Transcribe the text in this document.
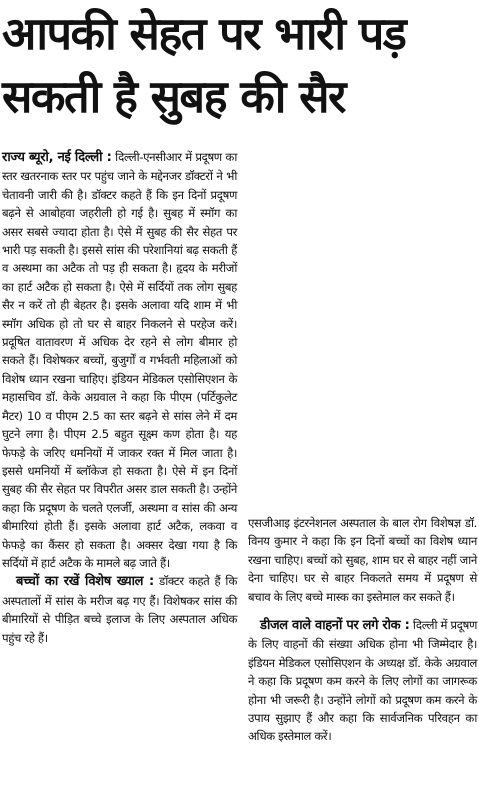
आपकी सेहत पर भारी पड़
सकती है सुबह की सैर

राज्य ब्यूरो, नई दिल्ली : दिल्ली-एनसीआर में प्रदूषण का स्तर खतरनाक स्तर पर पहुंच जाने के मद्देनजर डॉक्टरों ने भी चेतावनी जारी की है। डॉक्टर कहते हैं कि इन दिनों प्रदूषण बढ़ने से आबोहवा जहरीली हो गई है। सुबह में स्मॉग का असर सबसे ज्यादा होता है। ऐसे में सुबह की सैर सेहत पर भारी पड़ सकती है। इससे सांस की परेशानियां बढ़ सकती हैं व अस्थमा का अटैक तो पड़ ही सकता है। हृदय के मरीजों का हार्ट अटैक हो सकता है। ऐसे में सर्दियों तक लोग सुबह सैर न करें तो ही बेहतर है। इसके अलावा यदि शाम में भी स्मॉग अधिक हो तो घर से बाहर निकलने से परहेज करें। प्रदूषित वातावरण में अधिक देर रहने से लोग बीमार हो सकते हैं। विशेषकर बच्चों, बुजुर्गों व गर्भवती महिलाओं को विशेष ध्यान रखना चाहिए। इंडियन मेडिकल एसोसिएशन के महासचिव डॉ. केके अग्रवाल ने कहा कि पीएम (पर्टिकुलेट मैटर) 10 व पीएम 2.5 का स्तर बढ़ने से सांस लेने में दम घुटने लगा है। पीएम 2.5 बहुत सूक्ष्म कण होता है। यह फेफड़े के जरिए धमनियों में जाकर रक्त में मिल जाता है। इससे धमनियों में ब्लॉकेज हो सकता है। ऐसे में इन दिनों सुबह की सैर सेहत पर विपरीत असर डाल सकती है। उन्होंने कहा कि प्रदूषण के चलते एलर्जी, अस्थमा व सांस की अन्य बीमारियां होती हैं। इसके अलावा हार्ट अटैक, लकवा व फेफड़े का कैंसर हो सकता है। अक्सर देखा गया है कि सर्दियों में हार्ट अटैक के मामले बढ़ जाते हैं।

बच्चों का रखें विशेष ख्याल : डॉक्टर कहते हैं कि अस्पतालों में सांस के मरीज बढ़ गए हैं। विशेषकर सांस की बीमारियों से पीड़ित बच्चे इलाज के लिए अस्पताल अधिक पहुंच रहे हैं।

एसजीआइ इंटरनेशनल अस्पताल के बाल रोग विशेषज्ञ डॉ. विनय कुमार ने कहा कि इन दिनों बच्चों का विशेष ध्यान रखना चाहिए। बच्चों को सुबह, शाम घर से बाहर नहीं जाने देना चाहिए। घर से बाहर निकलते समय में प्रदूषण से बचाव के लिए बच्चे मास्क का इस्तेमाल कर सकते हैं।

डीजल वाले वाहनों पर लगे रोक : दिल्ली में प्रदूषण के लिए वाहनों की संख्या अधिक होना भी जिम्मेदार है। इंडियन मेडिकल एसोसिएशन के अध्यक्ष डॉ. केके अग्रवाल ने कहा कि प्रदूषण कम करने के लिए लोगों का जागरूक होना भी जरूरी है। उन्होंने लोगों को प्रदूषण कम करने के उपाय सुझाए हैं और कहा कि सार्वजनिक परिवहन का अधिक इस्तेमाल करें।
